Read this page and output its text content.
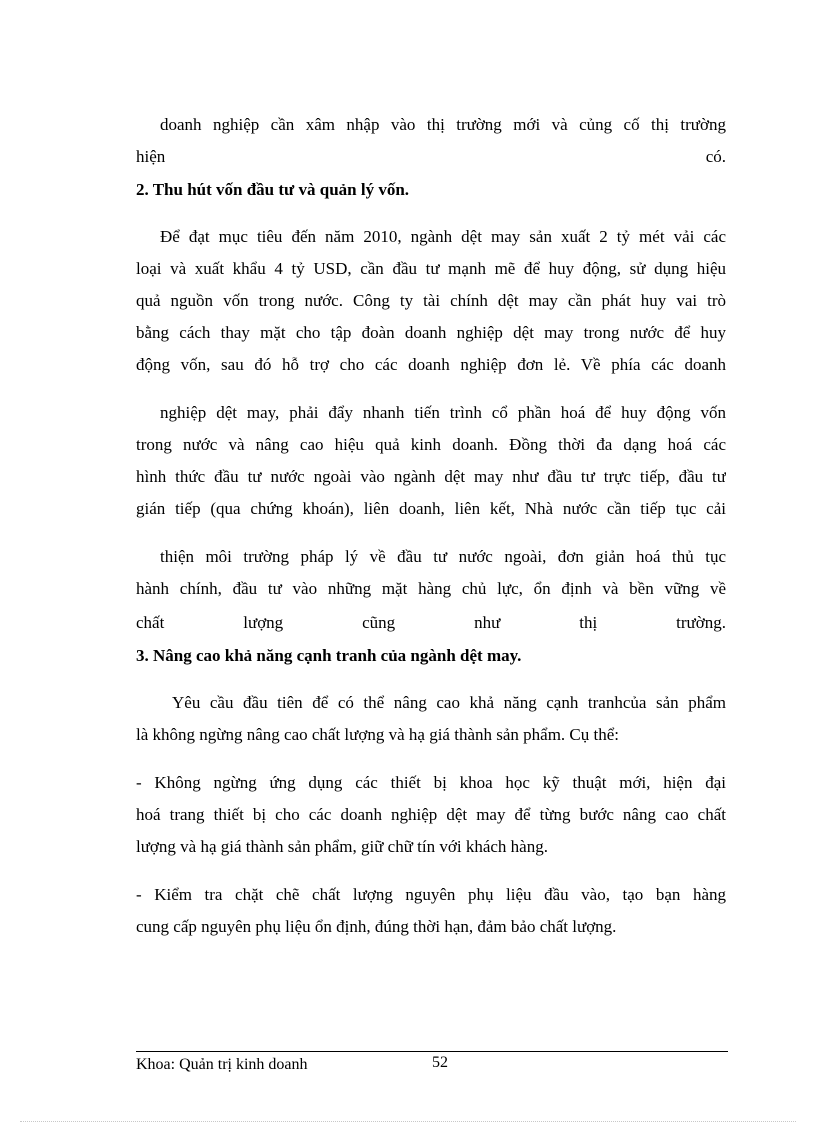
doanh nghiệp cần xâm nhập vào thị trường mới và củng cố thị trường
hiện có.
2. Thu hút vốn đầu tư và quản lý vốn.
Để đạt mục tiêu đến năm 2010, ngành dệt may sản xuất 2 tỷ mét vải các
loại và xuất khẩu 4 tỷ USD, cần đầu tư mạnh mẽ để huy động, sử dụng hiệu
quả nguồn vốn trong nước. Công ty tài chính dệt may cần phát huy vai trò
bằng cách thay mặt cho tập đoàn doanh nghiệp dệt may trong nước để huy
động vốn, sau đó hỗ trợ cho các doanh nghiệp đơn lẻ. Về phía các doanh
nghiệp dệt may, phải đẩy nhanh tiến trình cổ phần hoá để huy động vốn
trong nước và nâng cao hiệu quả kinh doanh. Đồng thời đa dạng hoá các
hình thức đầu tư nước ngoài vào ngành dệt may như đầu tư trực tiếp, đầu tư
gián tiếp (qua chứng khoán), liên doanh, liên kết, Nhà nước cần tiếp tục cải
thiện môi trường pháp lý về đầu tư nước ngoài, đơn giản hoá thủ tục
hành chính, đầu tư vào những mặt hàng chủ lực, ổn định và bền vững về
chất lượng cũng như thị trường.
3. Nâng cao khả năng cạnh tranh của ngành dệt may.
Yêu cầu đầu tiên để có thể nâng cao khả năng cạnh tranhcủa sản phẩm
là không ngừng nâng cao chất lượng và hạ giá thành sản phẩm. Cụ thể:
- Không ngừng ứng dụng các thiết bị khoa học kỹ thuật mới, hiện đại
hoá trang thiết bị cho các doanh nghiệp dệt may để từng bước nâng cao chất
lượng và hạ giá thành sản phẩm, giữ chữ tín với khách hàng.
- Kiểm tra chặt chẽ chất lượng nguyên phụ liệu đầu vào, tạo bạn hàng
cung cấp nguyên phụ liệu ổn định, đúng thời hạn, đảm bảo chất lượng.
Khoa: Quản trị kinh doanh	52
